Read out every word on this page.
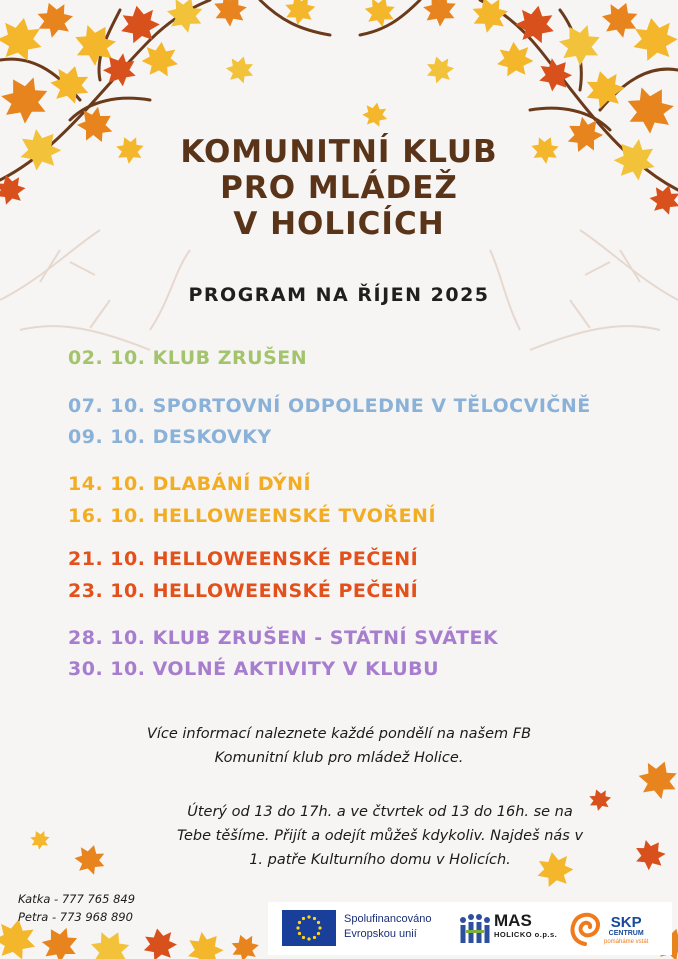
KOMUNITNÍ KLUB
PRO MLÁDEŽ
V HOLICÍCH
PROGRAM NA ŘÍJEN 2025
02. 10. KLUB ZRUŠEN
07. 10. SPORTOVNÍ ODPOLEDNE V TĚLOCVIČNĚ
09. 10. DESKOVKY
14. 10. DLABÁNÍ DÝNÍ
16. 10. HELLOWEENSKÉ TVOŘENÍ
21. 10. HELLOWEENSKÉ PEČENÍ
23. 10. HELLOWEENSKÉ PEČENÍ
28. 10. KLUB ZRUŠEN - STÁTNÍ SVÁTEK
30. 10. VOLNÉ AKTIVITY V KLUBU
Více informací naleznete každé pondělí na našem FB
Komunitní klub pro mládež Holice.
Úterý od 13 do 17h. a ve čtvrtek od 13 do 16h. se na
Tebe těšíme. Přijít a odejít můžeš kdykoliv. Najdeš nás v
1. patře Kulturního domu v Holicích.
Katka - 777 765 849
Petra - 773 968 890	Spolufinancováno
Evropskou unií
MAS
HOLICKO o.p.s.
SKP
CENTRUM
pomáháme vstát
